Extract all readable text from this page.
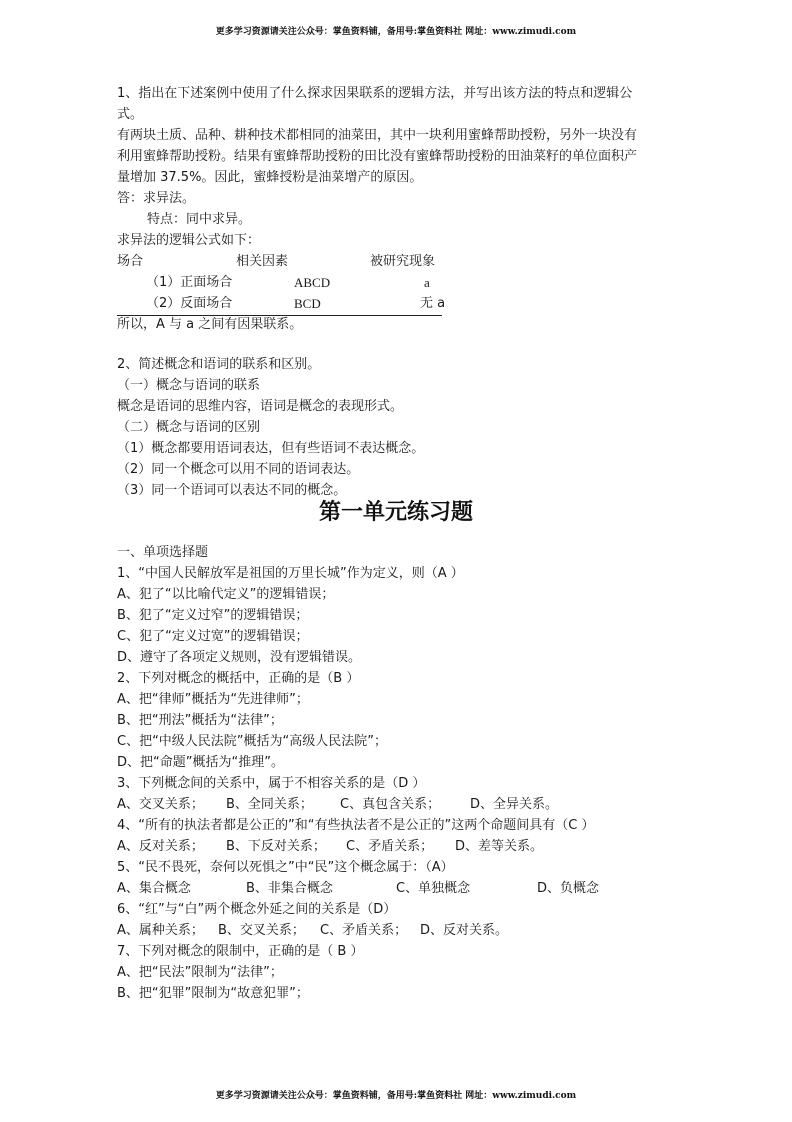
更多学习资源请关注公众号：掌鱼资料铺，备用号:掌鱼资料社 网址：www.zimudi.com
1、指出在下述案例中使用了什么探求因果联系的逻辑方法，并写出该方法的特点和逻辑公
式。
有两块土质、品种、耕种技术都相同的油菜田，其中一块利用蜜蜂帮助授粉，另外一块没有
利用蜜蜂帮助授粉。结果有蜜蜂帮助授粉的田比没有蜜蜂帮助授粉的田油菜籽的单位面积产
量增加 37.5%。因此，蜜蜂授粉是油菜增产的原因。
答：求异法。
特点：同中求异。
求异法的逻辑公式如下：
场合	相关因素	被研究现象
（1）正面场合	ABCD	a
（2）反面场合	BCD	无 a
所以，A 与 a 之间有因果联系。
2、简述概念和语词的联系和区别。
（一）概念与语词的联系
概念是语词的思维内容，语词是概念的表现形式。
（二）概念与语词的区别
（1）概念都要用语词表达，但有些语词不表达概念。
（2）同一个概念可以用不同的语词表达。
（3）同一个语词可以表达不同的概念。
第一单元练习题
一、单项选择题
1、“中国人民解放军是祖国的万里长城”作为定义，则（A ）
A、犯了“以比喻代定义”的逻辑错误；
B、犯了“定义过窄”的逻辑错误；
C、犯了“定义过宽”的逻辑错误；
D、遵守了各项定义规则，没有逻辑错误。
2、下列对概念的概括中，正确的是（B ）
A、把“律师”概括为“先进律师”；
B、把“刑法”概括为“法律”；
C、把“中级人民法院”概括为“高级人民法院”；
D、把“命题”概括为“推理”。
3、下列概念间的关系中，属于不相容关系的是（D ）
A、交叉关系； B、全同关系； C、真包含关系； D、全异关系。
4、“所有的执法者都是公正的”和“有些执法者不是公正的”这两个命题间具有（C ）
A、反对关系； B、下反对关系； C、矛盾关系； D、差等关系。
5、“民不畏死，奈何以死惧之”中“民”这个概念属于：（A）
A、集合概念	B、非集合概念	C、单独概念	D、负概念
6、“红”与“白”两个概念外延之间的关系是（D）
A、属种关系； B、交叉关系； C、矛盾关系； D、反对关系。
7、下列对概念的限制中，正确的是（ B ）
A、把“民法”限制为“法律”；
B、把“犯罪”限制为“故意犯罪”；
更多学习资源请关注公众号：掌鱼资料铺，备用号:掌鱼资料社 网址：www.zimudi.com
